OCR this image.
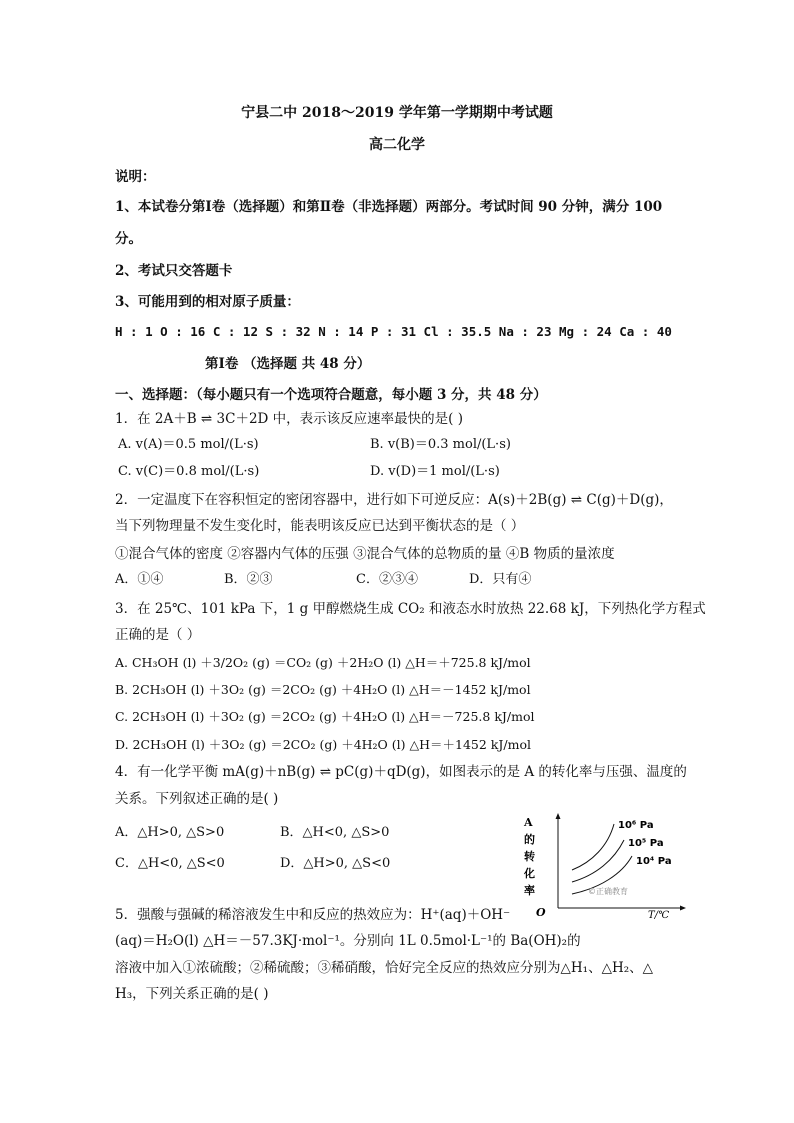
宁县二中 2018～2019 学年第一学期期中考试题
高二化学
说明：
1、本试卷分第Ⅰ卷（选择题）和第Ⅱ卷（非选择题）两部分。考试时间 90 分钟，满分 100
分。
2、考试只交答题卡
3、可能用到的相对原子质量：
H : 1 O : 16 C : 12 S : 32 N : 14 P : 31 Cl : 35.5 Na : 23 Mg : 24 Ca : 40
第Ⅰ卷 （选择题 共 48 分）
一、选择题：（每小题只有一个选项符合题意，每小题 3 分，共 48 分）
1．在 2A＋B ⇌ 3C＋2D 中，表示该反应速率最快的是( )
A. v(A)＝0.5 mol/(L·s)	B. v(B)＝0.3 mol/(L·s)
C. v(C)＝0.8 mol/(L·s)	D. v(D)＝1 mol/(L·s)
2．一定温度下在容积恒定的密闭容器中，进行如下可逆反应：A(s)＋2B(g) ⇌ C(g)＋D(g)，
当下列物理量不发生变化时，能表明该反应已达到平衡状态的是（ ）
①混合气体的密度 ②容器内气体的压强 ③混合气体的总物质的量 ④B 物质的量浓度
A．①④	B．②③	C．②③④	D．只有④
3．在 25℃、101 kPa 下，1 g 甲醇燃烧生成 CO₂ 和液态水时放热 22.68 kJ，下列热化学方程式
正确的是（ ）
A. CH₃OH (l) ＋3/2O₂ (g) ＝CO₂ (g) ＋2H₂O (l) △H＝＋725.8 kJ/mol
B. 2CH₃OH (l) ＋3O₂ (g) ＝2CO₂ (g) ＋4H₂O (l) △H＝－1452 kJ/mol
C. 2CH₃OH (l) ＋3O₂ (g) ＝2CO₂ (g) ＋4H₂O (l) △H＝－725.8 kJ/mol
D. 2CH₃OH (l) ＋3O₂ (g) ＝2CO₂ (g) ＋4H₂O (l) △H＝＋1452 kJ/mol
4．有一化学平衡 mA(g)＋nB(g) ⇌ pC(g)＋qD(g)，如图表示的是 A 的转化率与压强、温度的
关系。下列叙述正确的是( )
A．△H>0, △S>0	B．△H<0, △S>0
C．△H<0, △S<0	D．△H>0, △S<0
A
的
转
化
率
O	T/℃
10⁶ Pa
10⁵ Pa
10⁴ Pa
©正确教育
5．强酸与强碱的稀溶液发生中和反应的热效应为：H⁺(aq)＋OH⁻
(aq)＝H₂O(l) △H＝－57.3KJ·mol⁻¹。分别向 1L 0.5mol·L⁻¹的 Ba(OH)₂的
溶液中加入①浓硫酸；②稀硫酸；③稀硝酸，恰好完全反应的热效应分别为△H₁、△H₂、△
H₃，下列关系正确的是( )
